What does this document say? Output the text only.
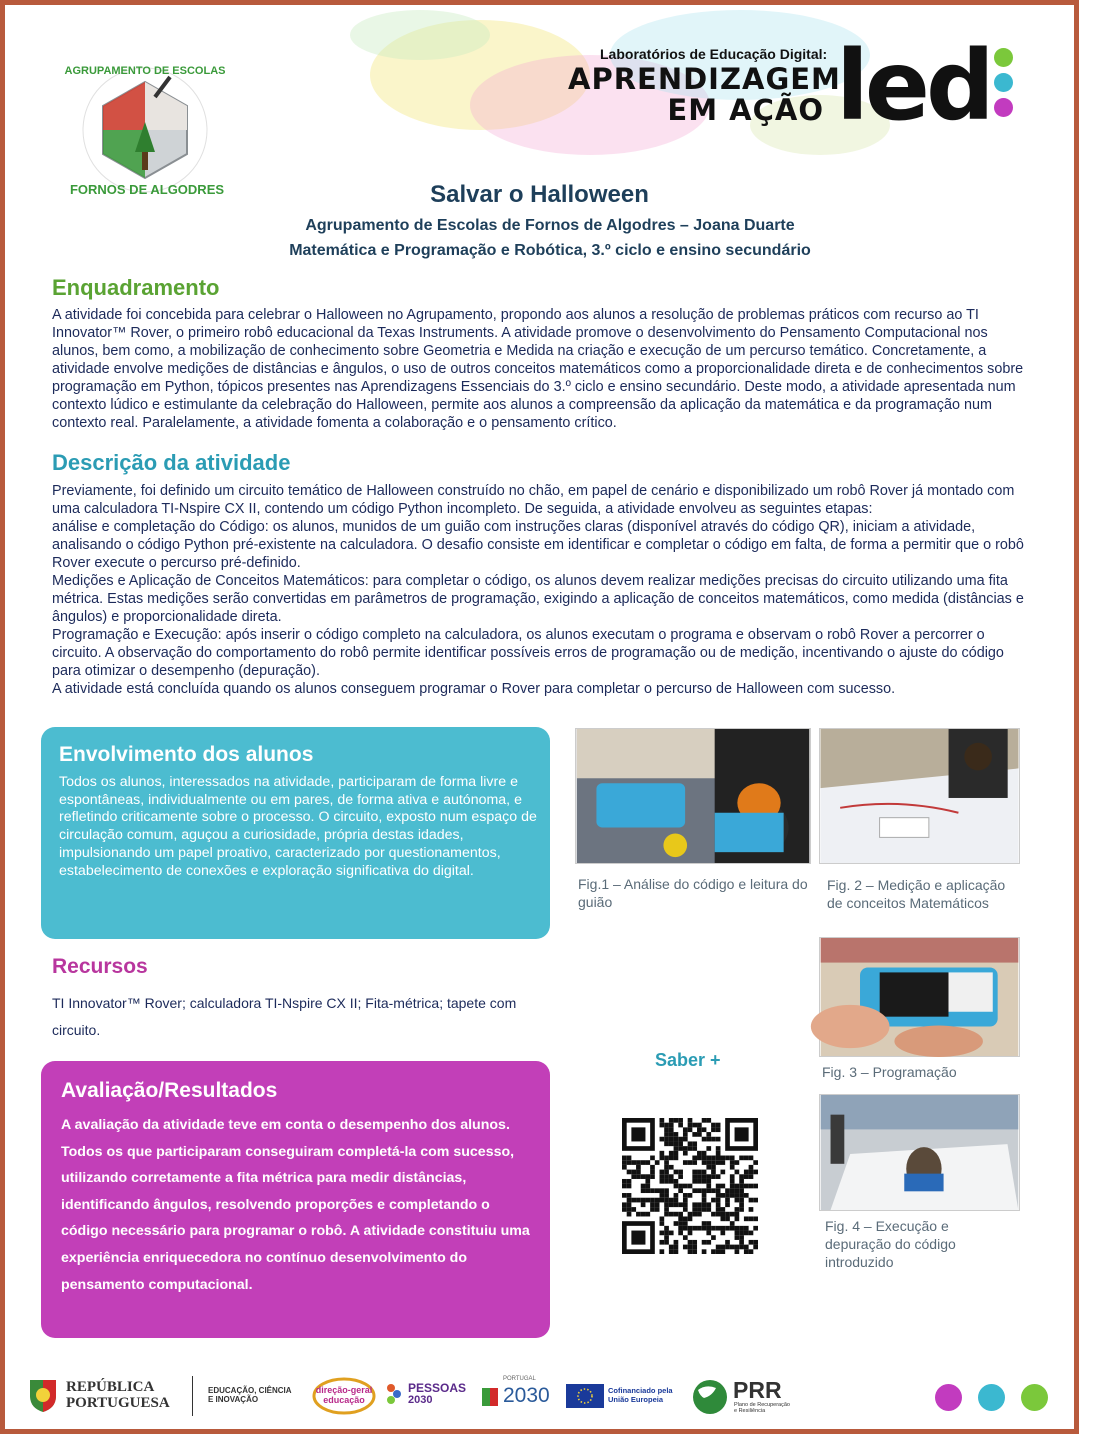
AGRUPAMENTO DE ESCOLAS
FORNOS DE ALGODRES
Laboratórios de Educação Digital:
APRENDIZAGEM
EM AÇÃO led
Salvar o Halloween
Agrupamento de Escolas de Fornos de Algodres – Joana Duarte
Matemática e Programação e Robótica, 3.º ciclo e ensino secundário
Enquadramento
A atividade foi concebida para celebrar o Halloween no Agrupamento, propondo aos alunos a resolução de problemas práticos com recurso ao TI Innovator™ Rover, o primeiro robô educacional da Texas Instruments. A atividade promove o desenvolvimento do Pensamento Computacional nos alunos, bem como, a mobilização de conhecimento sobre Geometria e Medida na criação e execução de um percurso temático. Concretamente, a atividade envolve medições de distâncias e ângulos, o uso de outros conceitos matemáticos como a proporcionalidade direta e de conhecimentos sobre programação em Python, tópicos presentes nas Aprendizagens Essenciais do 3.º ciclo e ensino secundário. Deste modo, a atividade apresentada num contexto lúdico e estimulante da celebração do Halloween, permite aos alunos a compreensão da aplicação da matemática e da programação num contexto real. Paralelamente, a atividade fomenta a colaboração e o pensamento crítico.
Descrição da atividade

Previamente, foi definido um circuito temático de Halloween construído no chão, em papel de cenário e disponibilizado um robô Rover já montado com uma calculadora TI-Nspire CX II, contendo um código Python incompleto. De seguida, a atividade envolveu as seguintes etapas:

análise e completação do Código: os alunos, munidos de um guião com instruções claras (disponível através do código QR), iniciam a atividade, analisando o código Python pré-existente na calculadora. O desafio consiste em identificar e completar o código em falta, de forma a permitir que o robô Rover execute o percurso pré-definido.

Medições e Aplicação de Conceitos Matemáticos: para completar o código, os alunos devem realizar medições precisas do circuito utilizando uma fita métrica. Estas medições serão convertidas em parâmetros de programação, exigindo a aplicação de conceitos matemáticos, como medida (distâncias e ângulos) e proporcionalidade direta.

Programação e Execução: após inserir o código completo na calculadora, os alunos executam o programa e observam o robô Rover a percorrer o circuito. A observação do comportamento do robô permite identificar possíveis erros de programação ou de medição, incentivando o ajuste do código para otimizar o desempenho (depuração).

A atividade está concluída quando os alunos conseguem programar o Rover para completar o percurso de Halloween com sucesso.

Envolvimento dos alunos
Todos os alunos, interessados na atividade, participaram de forma livre e espontâneas, individualmente ou em pares, de forma ativa e autónoma, e refletindo criticamente sobre o processo. O circuito, exposto num espaço de circulação comum, aguçou a curiosidade, própria destas idades, impulsionando um papel proativo, caracterizado por questionamentos, estabelecimento de conexões e exploração significativa do digital.
Recursos
TI Innovator™ Rover; calculadora TI-Nspire CX II; Fita-métrica; tapete com circuito.
Avaliação/Resultados
A avaliação da atividade teve em conta o desempenho dos alunos. Todos os que participaram conseguiram completá-la com sucesso, utilizando corretamente a fita métrica para medir distâncias, identificando ângulos, resolvendo proporções e completando o código necessário para programar o robô. A atividade constituiu uma experiência enriquecedora no contínuo desenvolvimento do pensamento computacional.
Fig.1 – Análise do código e leitura do guião
Fig. 2 – Medição e aplicação de conceitos Matemáticos
Fig. 3 – Programação
Fig. 4 – Execução e depuração do código introduzido
Saber +
REPÚBLICA
PORTUGUESA
EDUCAÇÃO, CIÊNCIA E INOVAÇÃO
direção-geral
educação
PESSOAS
2030
PORTUGAL
2030	Cofinanciado pela
União Europeia	PRR
Plano de Recuperação
e Resiliência
